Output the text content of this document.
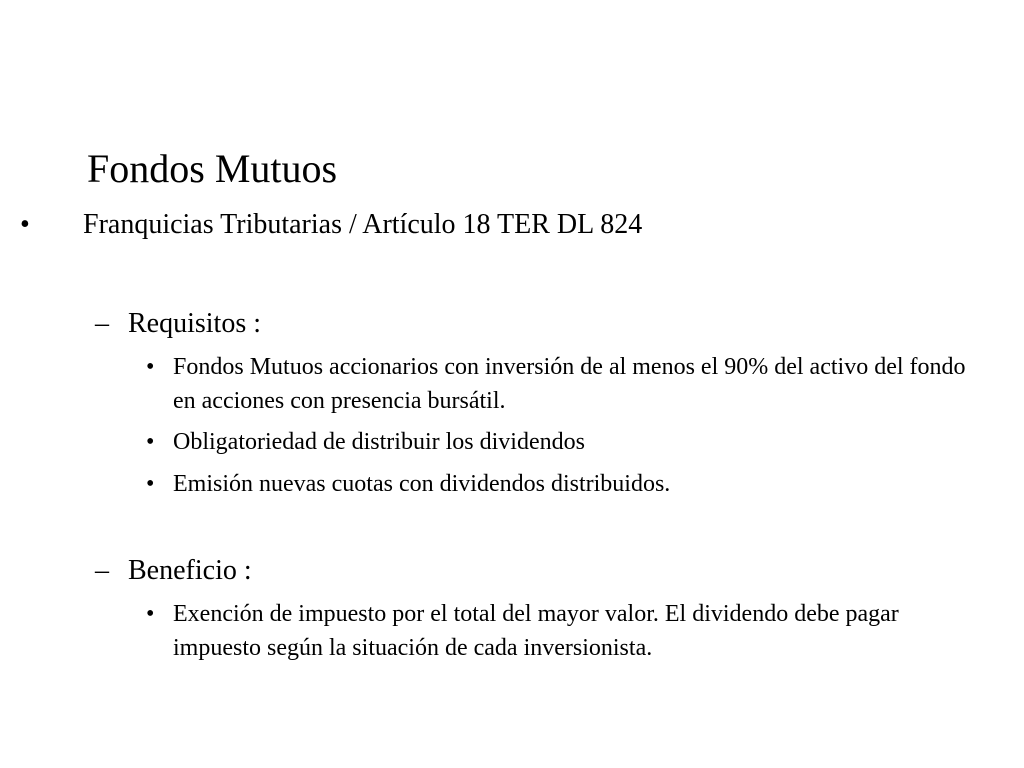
Fondos Mutuos
• Franquicias Tributarias / Artículo 18 TER DL 824
– Requisitos :
• Fondos Mutuos accionarios con inversión de al menos el 90% del activo del fondo en acciones con presencia bursátil.
• Obligatoriedad de distribuir los dividendos
• Emisión nuevas cuotas con dividendos distribuidos.
– Beneficio :
• Exención de impuesto por el total del mayor valor. El dividendo debe pagar impuesto según la situación de cada inversionista.
